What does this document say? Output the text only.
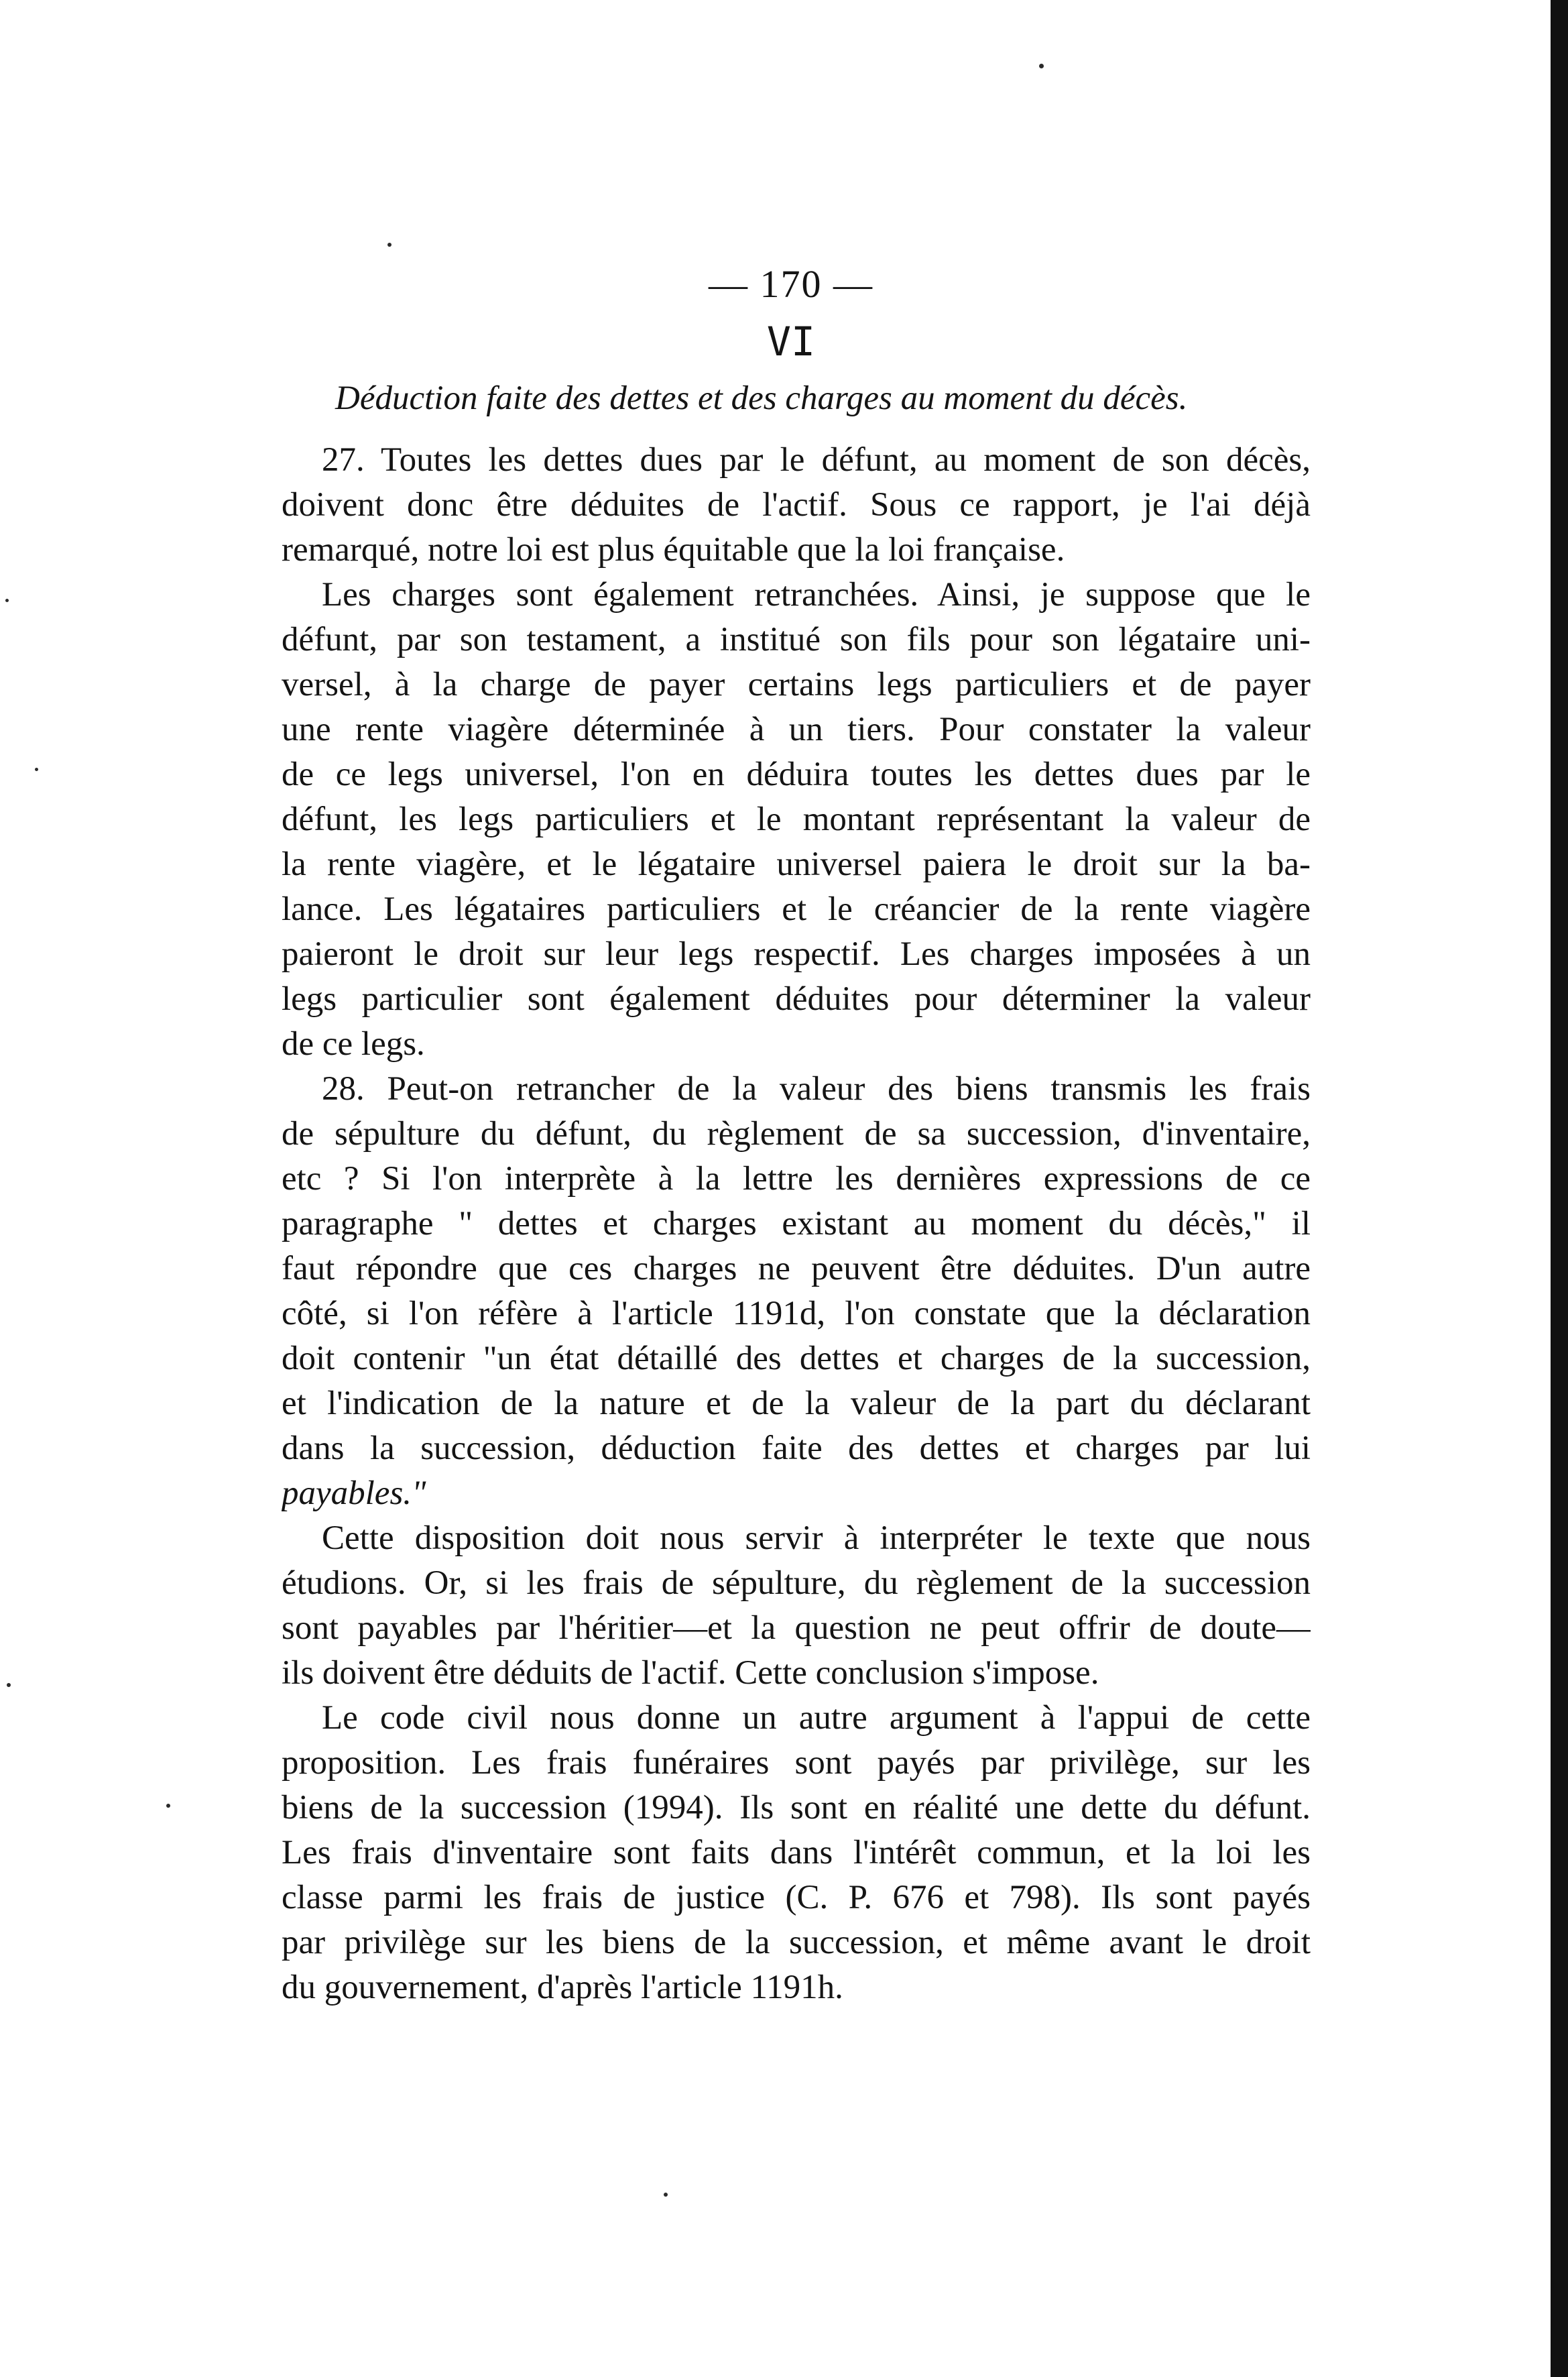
— 170 —
VI
Déduction faite des dettes et des charges au moment du décès.
27. Toutes les dettes dues par le défunt, au moment de son décès,
doivent donc être déduites de l'actif. Sous ce rapport, je l'ai déjà
remarqué, notre loi est plus équitable que la loi française.
Les charges sont également retranchées. Ainsi, je suppose que le
défunt, par son testament, a institué son fils pour son légataire uni-
versel, à la charge de payer certains legs particuliers et de payer
une rente viagère déterminée à un tiers. Pour constater la valeur
de ce legs universel, l'on en déduira toutes les dettes dues par le
défunt, les legs particuliers et le montant représentant la valeur de
la rente viagère, et le légataire universel paiera le droit sur la ba-
lance. Les légataires particuliers et le créancier de la rente viagère
paieront le droit sur leur legs respectif. Les charges imposées à un
legs particulier sont également déduites pour déterminer la valeur
de ce legs.
28. Peut-on retrancher de la valeur des biens transmis les frais
de sépulture du défunt, du règlement de sa succession, d'inventaire,
etc ? Si l'on interprète à la lettre les dernières expressions de ce
paragraphe " dettes et charges existant au moment du décès," il
faut répondre que ces charges ne peuvent être déduites. D'un autre
côté, si l'on réfère à l'article 1191d, l'on constate que la déclaration
doit contenir "un état détaillé des dettes et charges de la succession,
et l'indication de la nature et de la valeur de la part du déclarant
dans la succession, déduction faite des dettes et charges par lui
payables."
Cette disposition doit nous servir à interpréter le texte que nous
étudions. Or, si les frais de sépulture, du règlement de la succession
sont payables par l'héritier—et la question ne peut offrir de doute—
ils doivent être déduits de l'actif. Cette conclusion s'impose.
Le code civil nous donne un autre argument à l'appui de cette
proposition. Les frais funéraires sont payés par privilège, sur les
biens de la succession (1994). Ils sont en réalité une dette du défunt.
Les frais d'inventaire sont faits dans l'intérêt commun, et la loi les
classe parmi les frais de justice (C. P. 676 et 798). Ils sont payés
par privilège sur les biens de la succession, et même avant le droit
du gouvernement, d'après l'article 1191h.
